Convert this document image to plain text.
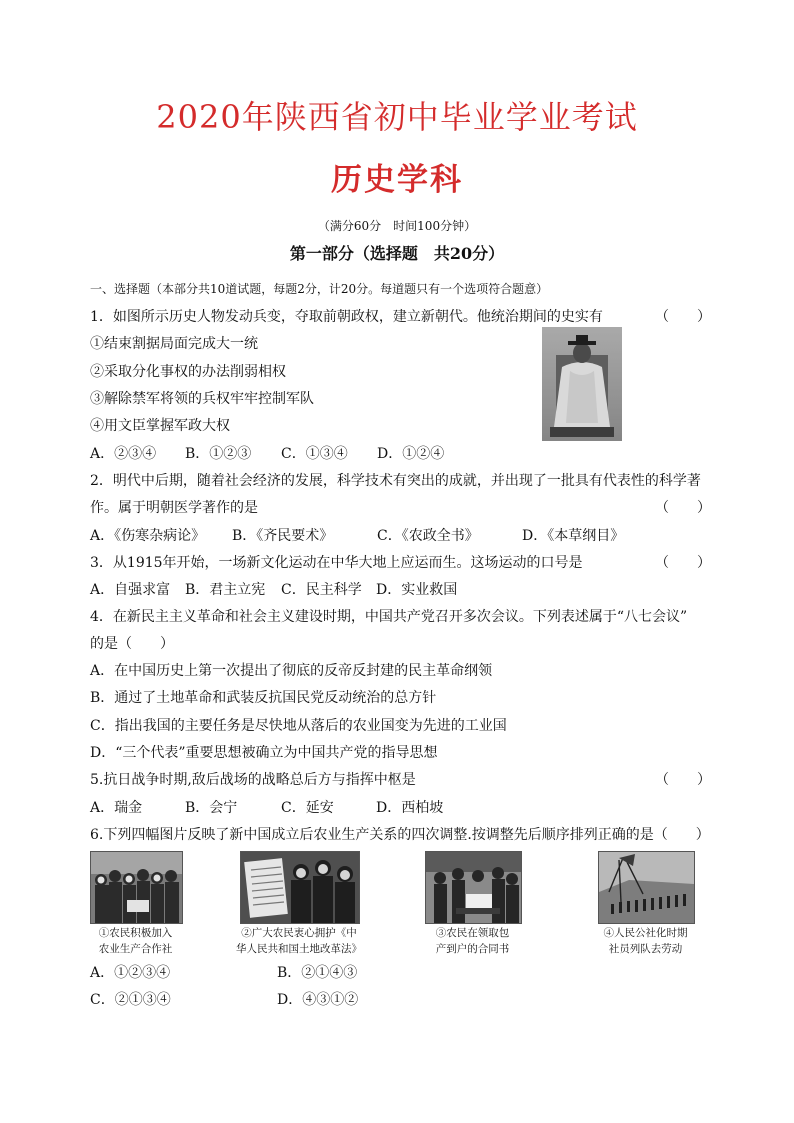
2020年陕西省初中毕业学业考试
历史学科
（满分60分　时间100分钟）
第一部分（选择题　共20分）
一、选择题（本部分共10道试题，每题2分，计20分。每道题只有一个选项符合题意）
1．如图所示历史人物发动兵变，夺取前朝政权，建立新朝代。他统治期间的史实有	（　　）
①结束割据局面完成大一统
②采取分化事权的办法削弱相权
③解除禁军将领的兵权牢牢控制军队
④用文臣掌握军政大权
A．②③④ B．①②③ C．①③④ D．①②④
2．明代中后期，随着社会经济的发展，科学技术有突出的成就，并出现了一批具有代表性的科学著
作。属于明朝医学著作的是	（　　）
A．《伤寒杂病论》 B．《齐民要术》	C．《农政全书》	D．《本草纲目》
3．从1915年开始，一场新文化运动在中华大地上应运而生。这场运动的口号是	（　　）
A．自强求富 B．君主立宪 C．民主科学 D．实业救国
4．在新民主主义革命和社会主义建设时期，中国共产党召开多次会议。下列表述属于“八七会议”
的是（　　）
A．在中国历史上第一次提出了彻底的反帝反封建的民主革命纲领
B．通过了土地革命和武装反抗国民党反动统治的总方针
C．指出我国的主要任务是尽快地从落后的农业国变为先进的工业国
D．“三个代表”重要思想被确立为中国共产党的指导思想
5.抗日战争时期,敌后战场的战略总后方与指挥中枢是	（　　）
A．瑞金	B．会宁	C．延安	D．西柏坡
6.下列四幅图片反映了新中国成立后农业生产关系的四次调整.按调整先后顺序排列正确的是（　　）
①农民积极加入
农业生产合作社
②广大农民衷心拥护《中
华人民共和国土地改革法》
③农民在领取包
产到户的合同书
④人民公社化时期
社员列队去劳动
A．①②③④	B．②①④③
C．②①③④	D．④③①②
